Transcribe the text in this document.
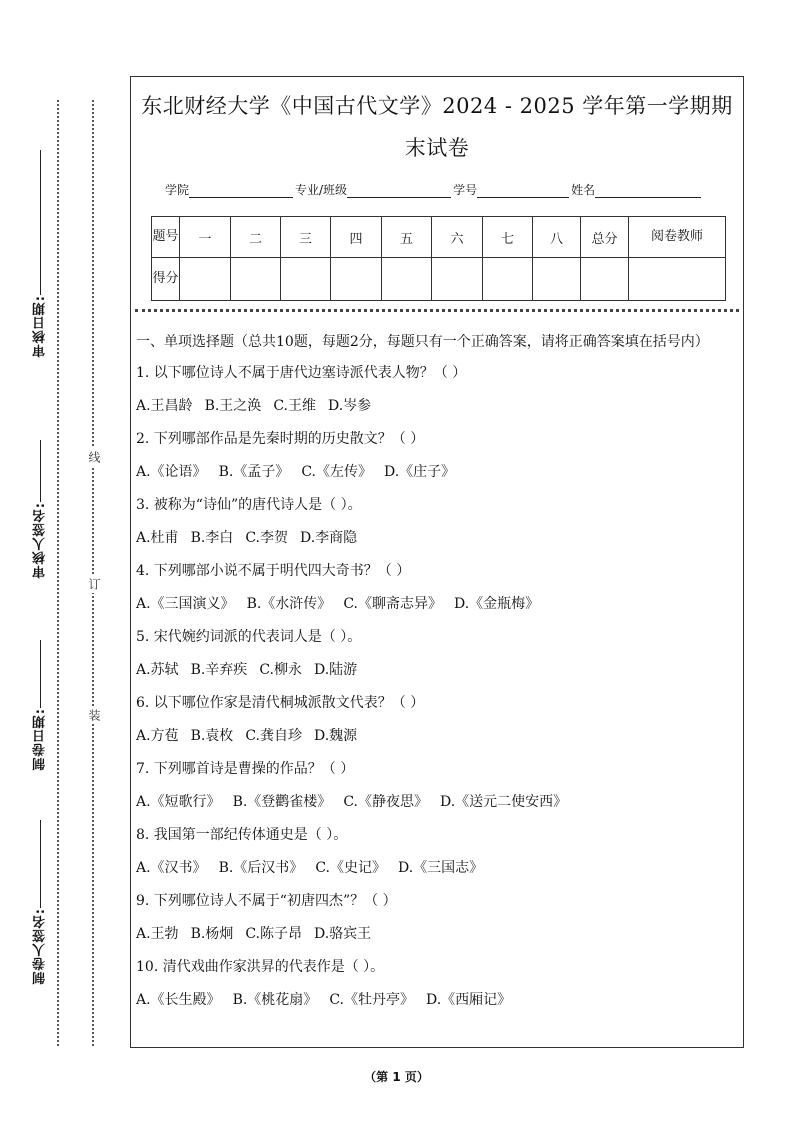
审核日期:
审核人签名:
制卷日期:
制卷人签名:
线
订
装
东北财经大学《中国古代文学》2024 - 2025 学年第一学期期末试卷
学院	专业/班级	学号	姓名
题号	一	二	三	四	五	六	七	八	总分	阅卷教师

得分										

一、单项选择题（总共10题，每题2分，每题只有一个正确答案，请将正确答案填在括号内）
1. 以下哪位诗人不属于唐代边塞诗派代表人物？（ ）
A.王昌龄 B.王之涣 C.王维 D.岑参
2. 下列哪部作品是先秦时期的历史散文？（ ）
A.《论语》 B.《孟子》 C.《左传》 D.《庄子》
3. 被称为“诗仙”的唐代诗人是（ ）。
A.杜甫 B.李白 C.李贺 D.李商隐
4. 下列哪部小说不属于明代四大奇书？（ ）
A.《三国演义》 B.《水浒传》 C.《聊斋志异》 D.《金瓶梅》
5. 宋代婉约词派的代表词人是（ ）。
A.苏轼 B.辛弃疾 C.柳永 D.陆游
6. 以下哪位作家是清代桐城派散文代表？（ ）
A.方苞 B.袁枚 C.龚自珍 D.魏源
7. 下列哪首诗是曹操的作品？（ ）
A.《短歌行》 B.《登鹳雀楼》 C.《静夜思》 D.《送元二使安西》
8. 我国第一部纪传体通史是（ ）。
A.《汉书》 B.《后汉书》 C.《史记》 D.《三国志》
9. 下列哪位诗人不属于“初唐四杰”？（ ）
A.王勃 B.杨炯 C.陈子昂 D.骆宾王
10. 清代戏曲作家洪昇的代表作是（ ）。
A.《长生殿》 B.《桃花扇》 C.《牡丹亭》 D.《西厢记》
（第 1 页）
